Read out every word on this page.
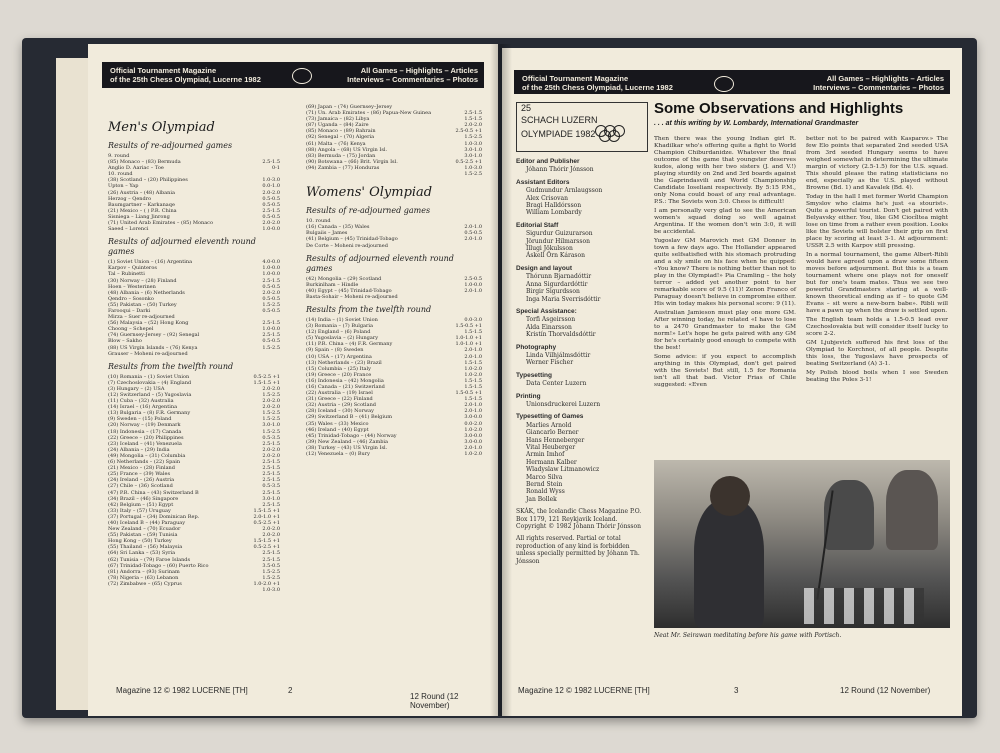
Official Tournament Magazine
of the 25th Chess Olympiad, Lucerne 1982
All Games – Highlights – Articles
Interviews – Commentaries – Photos
Men's Olympiad
Results of re-adjourned games
9. round
(85) Monaco – (83) Bermuda	2.5-1.5
Anglio D. Aariac – Toe	0-1
10. round
(38) Scotland – (20) Philippines	1.0-3.0
Upton – Yap	0.0-1.0
(26) Austria – (48) Albania	2.0-2.0
Herzog – Qendro	0.5-0.5
Baumgartner – Karkanaqe	0.5-0.5
(21) Mexico – ( ) P.R. China	2.5-1.5
Sisniega – Liang Jinrong	0.5-0.5
(71) United Arab Emirates – (85) Monaco	2.0-2.0
Saeed – Lorenci	1.0-0.0
Results of adjourned eleventh round games
(1) Soviet Union – (16) Argentina	4.0-0.0
Karpov – Quinteros	1.0-0.0
Tal – Rubinetti	1.0-0.0
(30) Norway – (28) Finland	2.5-1.5
Hoen – Westerinen	0.5-0.5
(48) Albania – (6) Netherlands	2.0-2.0
Qendro – Sosonko	0.5-0.5
(55) Pakistan – (50) Turkey	1.5-2.5
Farooqui – Darki	0.5-0.5
Mirza – Suer re-adjourned
(56) Malaysia – (52) Hong Kong	2.5-1.5
Choong – Schepel	1.0-0.0
(74) Guernsey-Jersey – (92) Senegal	2.5-1.5
Blow – Sakho	0.5-0.5
(88) US Virgin Islands – (76) Kenya	1.5-2.5
Grauser – Moheni re-adjourned
Results from the twelfth round
(10) Romania – (1) Soviet Union	0.5-2.5 +1
(7) Czechoslovakia – (4) England	1.5-1.5 +1
(3) Hungary – (2) USA	2.0-2.0
(12) Switzerland – (5) Yugoslavia	1.5-2.5
(11) Cuba – (32) Australia	2.0-2.0
(14) Israel – (16) Argentina	2.0-2.0
(13) Bulgaria – (8) F.R. Germany	1.5-2.5
(9) Sweden – (15) Poland	1.5-2.5
(20) Norway – (19) Denmark	3.0-1.0
(18) Indonesia – (17) Canada	1.5-2.5
(22) Greece – (20) Philippines	0.5-3.5
(23) Iceland – (41) Venezuela	2.5-1.5
(24) Albania – (29) India	2.0-2.0
(49) Mongolia – (31) Columbia	2.0-2.0
(6) Netherlands – (22) Spain	2.5-1.5
(21) Mexico – (28) Finland	2.5-1.5
(25) France – (39) Wales	2.5-1.5
(24) Ireland – (26) Austria	2.5-1.5
(27) Chile – (36) Scotland	0.5-3.5
(47) P.R. China – (43) Switzerland B	2.5-1.5
(34) Brazil – (46) Singapore	3.0-1.0
(42) Belgium – (51) Egypt	2.5-1.5
(33) Italy – (57) Uruguay	1.5-1.5 +1
(37) Portugal – (34) Dominican Rep.	2.0-1.0 +1
(40) Iceland B – (44) Paraguay	0.5-2.5 +1
New Zealand – (70) Ecuador	2.0-2.0
(55) Pakistan – (59) Tunisia	2.0-2.0
Hong Kong – (50) Turkey	1.5-1.5 +1
(55) Thailand – (56) Malaysia	0.5-2.5 +1
(64) Sri Lanka – (53) Syria	2.5-1.5
(62) Tunisia – (79) Faroe Islands	2.5-1.5
(67) Trinidad-Tobago – (60) Puerto Rico	3.5-0.5
(81) Andorra – (93) Surinam	1.5-2.5
(78) Nigeria – (63) Lebanon	1.5-2.5
(72) Zimbabwe – (65) Cyprus	1.0-2.0 +1
1.0-3.0
(69) Japan – (74) Guernsey–Jersey
(71) Un. Arab Emirates – (86) Papua-New Guinea	2.5-1.5
(73) Jamaica – (82) Libya	1.5-1.5
(87) Uganda – (84) Zaire	2.0-2.0
(85) Monaco – (89) Bahrain	2.5-0.5 +1
(92) Senegal – (70) Algeria	1.5-2.5
(61) Malta – (76) Kenya	1.0-3.0
(88) Angola – (68) US Virgin Isl.	3.0-1.0
(83) Bermuda – (75) Jordan	3.0-1.0
(90) Botswana – (66) Brit. Virgin Isl.	0.5-2.5 +1
(94) Zambia – (77) Honduras	1.0-3.0
1.5-2.5
Womens' Olympiad
Results of re-adjourned games
10. round
(16) Canada – (35) Wales	2.0-1.0
Bulgaiis – James	0.5-0.5
(41) Belgium – (45) Trinidad-Tobago	2.0-1.0
De Corte – Moheni re-adjourned
Results of adjourned eleventh round games
(42) Mongolia – (29) Scotland	2.5-0.5
Burkinlham – Hindle	1.0-0.0
(40) Egypt – (45) Trinidad-Tobago	2.0-1.0
Basta-Sohair – Moheni re-adjourned
Results from the twelfth round
(14) India – (1) Soviet Union	0.0-3.0
(3) Romania – (7) Bulgaria	1.5-0.5 +1
(12) England – (6) Poland	1.5-1.5
(5) Yugoslavia – (2) Hungary	1.0-1.0 +1
(11) P.R. China – (4) F.R. Germany	1.0-1.0 +1
(9) Spain – (8) Sweden	2.0-1.0
(10) USA – (17) Argentina	2.0-1.0
(13) Netherlands – (23) Brazil	1.5-1.5
(15) Columbia – (25) Italy	1.0-2.0
(19) Greece – (20) France	1.0-2.0
(16) Indonesia – (42) Mongolia	1.5-1.5
(16) Canada – (21) Switzerland	1.5-1.5
(22) Australia – (19) Israel	1.5-0.5 +1
(31) Greece – (22) Finland	1.5-1.5
(32) Austria – (29) Scotland	2.0-1.0
(28) Iceland – (30) Norway	2.0-1.0
(29) Switzerland B – (41) Belgium	3.0-0.0
(35) Wales – (33) Mexico	0.0-2.0
(46) Ireland – (40) Egypt	1.0-2.0
(45) Trinidad-Tobago – (44) Norway	3.0-0.0
(39) New Zealand – (46) Zambia	3.0-0.0
(38) Turkey – (43) US Virgin Isl.	2.0-1.0
(12) Venezuela – (0) Bury	1.0-2.0
Magazine 12 © 1982 LUCERNE [TH]	2
12 Round (12 November)
Official Tournament Magazine
of the 25th Chess Olympiad, Lucerne 1982
All Games – Highlights – Articles
Interviews – Commentaries – Photos
25
SCHACH LUZERN
OLYMPIADE 1982
Editor and Publisher
Jóhann Thórir Jónsson
Assistant Editors
Gudmundur Arnlaugsson
Alex Crisovan
Bragi Halldórsson
William Lombardy
Editorial Staff
Sigurdur Guizurarson
Jörundur Hilmarsson
Illugi Jökulsson
Áskell Örn Kárason
Design and layout
Thórunn Bjarnadóttir
Anna Sigurdardóttir
Birgir Sigurdsson
Inga Maria Sverrisdóttir
Special Assistance:
Torfi Asgeirsson
Alda Einarsson
Kristín Thorvaldsdóttir
Photography
Linda Vilhjálmsdóttir
Werner Fischer
Typesetting
Data Center Luzern
Printing
Unionsdruckerei Luzern
Typesetting of Games
Marlies Arnold
Giancarlo Berner
Hans Henneberger
Vital Heuberger
Armin Imhof
Hermann Kalber
Wladyslaw Litmanowicz
Marco Silva
Bernd Stein
Ronald Wyss
Jan Bollek
SKÁK, the Icelandic Chess Magazine P.O. Box 1179, 121 Reykjavik Iceland.
Copyright © 1982 Jóhann Thórir Jónsson
All rights reserved. Partial or total reproduction of any kind is forbidden unless specially permitted by Jóhann Th. Jónsson
Some Observations and Highlights
. . . at this writing by W. Lombardy, International Grandmaster

Then there was the young Indian girl R. Khadilkar who's offering quite a fight to World Champion Chiburdanidze. Whatever the final outcome of the game that youngster deserves kudos, along with her two sisters (J. and V.!) playing sturdily on 2nd and 3rd boards against the Gaprindasvili and World Championship Candidate Ioseliani respectively. By 5:15 P.M., only Nona could boast of any real advantage. P.S.: The Soviets won 3:0. Chess is difficult!

I am personally very glad to see the American women's squad doing so well against Argentina. If the women don't win 3:0, it will be accidental.

Yugoslav GM Marovich met GM Donner in town a few days ago. The Hollander appeared quite selfsatisfied with his stomach protruding and a sly smile on his face when he quipped: «You know? There is nothing better than not to play in the Olympiad!» Pia Cramling – the holy terror – added yet another point to her remarkable score of 9.5 (11)! Zenon Franco of Paraguay doesn't believe in compromise either. His win today makes his personal score: 9 (11).

Australian Jamieson must play one more GM. After winning today, he related «I have to lose to a 2470 Grandmaster to make the GM norm!» Let's hope he gets paired with any GM for he's certainly good enough to compete with the best!

Some advice: if you expect to accomplish anything in this Olympiad, don't get paired with the Soviets! But still, 1.5 for Romania isn't all that bad. Victor Frias of Chile suggested: «Even

better not to be paired with Kasparov.» The few Elo points that separated 2nd seeded USA from 3rd seeded Hungary seems to have weighed somewhat in determining the ultimate margin of victory (2.5-1.5) for the U.S. squad. This should please the rating statisticians no end, especially as the U.S. played without Browne (Bd. 1) and Kavalek (Bd. 4).

Today in the hall I met former World Champion Smyslov who claims he's just «a stourist». Quite a powerful tourist. Don't get paired with Belyavsky either. You, like GM Ciocîltea might lose on time from a rather even position. Looks like the Soviets will bolster their grip on first place by scoring at least 3-1. At adjournment: USSR 2.5 with Karpov still pressing.

In a normal tournament, the game Albert-Ribli would have agreed upon a draw some fifteen moves before adjournment. But this is a team tournament where one plays not for oneself but for one's team mates. Thus we see two powerful Grandmasters staring at a well-known theoretical ending as if – to quote GM Evans – sit were a new-born babe». Ribli will have a pawn up when the draw is settled upon.

The English team holds a 1.5-0.5 lead over Czechoslovakia but will consider itself lucky to score 2-2.

GM Ljubjevich suffered his first loss of the Olympiad to Korchnoi, of all people. Despite this loss, the Yugoslavs have prospects of beating Switzerland (A) 3-1.

My Polish blood boils when I see Sweden beating the Poles 3-1!

Neat Mr. Seirawan meditating before his game with Portisch.
Magazine 12 © 1982 LUCERNE [TH]	3	12 Round (12 November)
